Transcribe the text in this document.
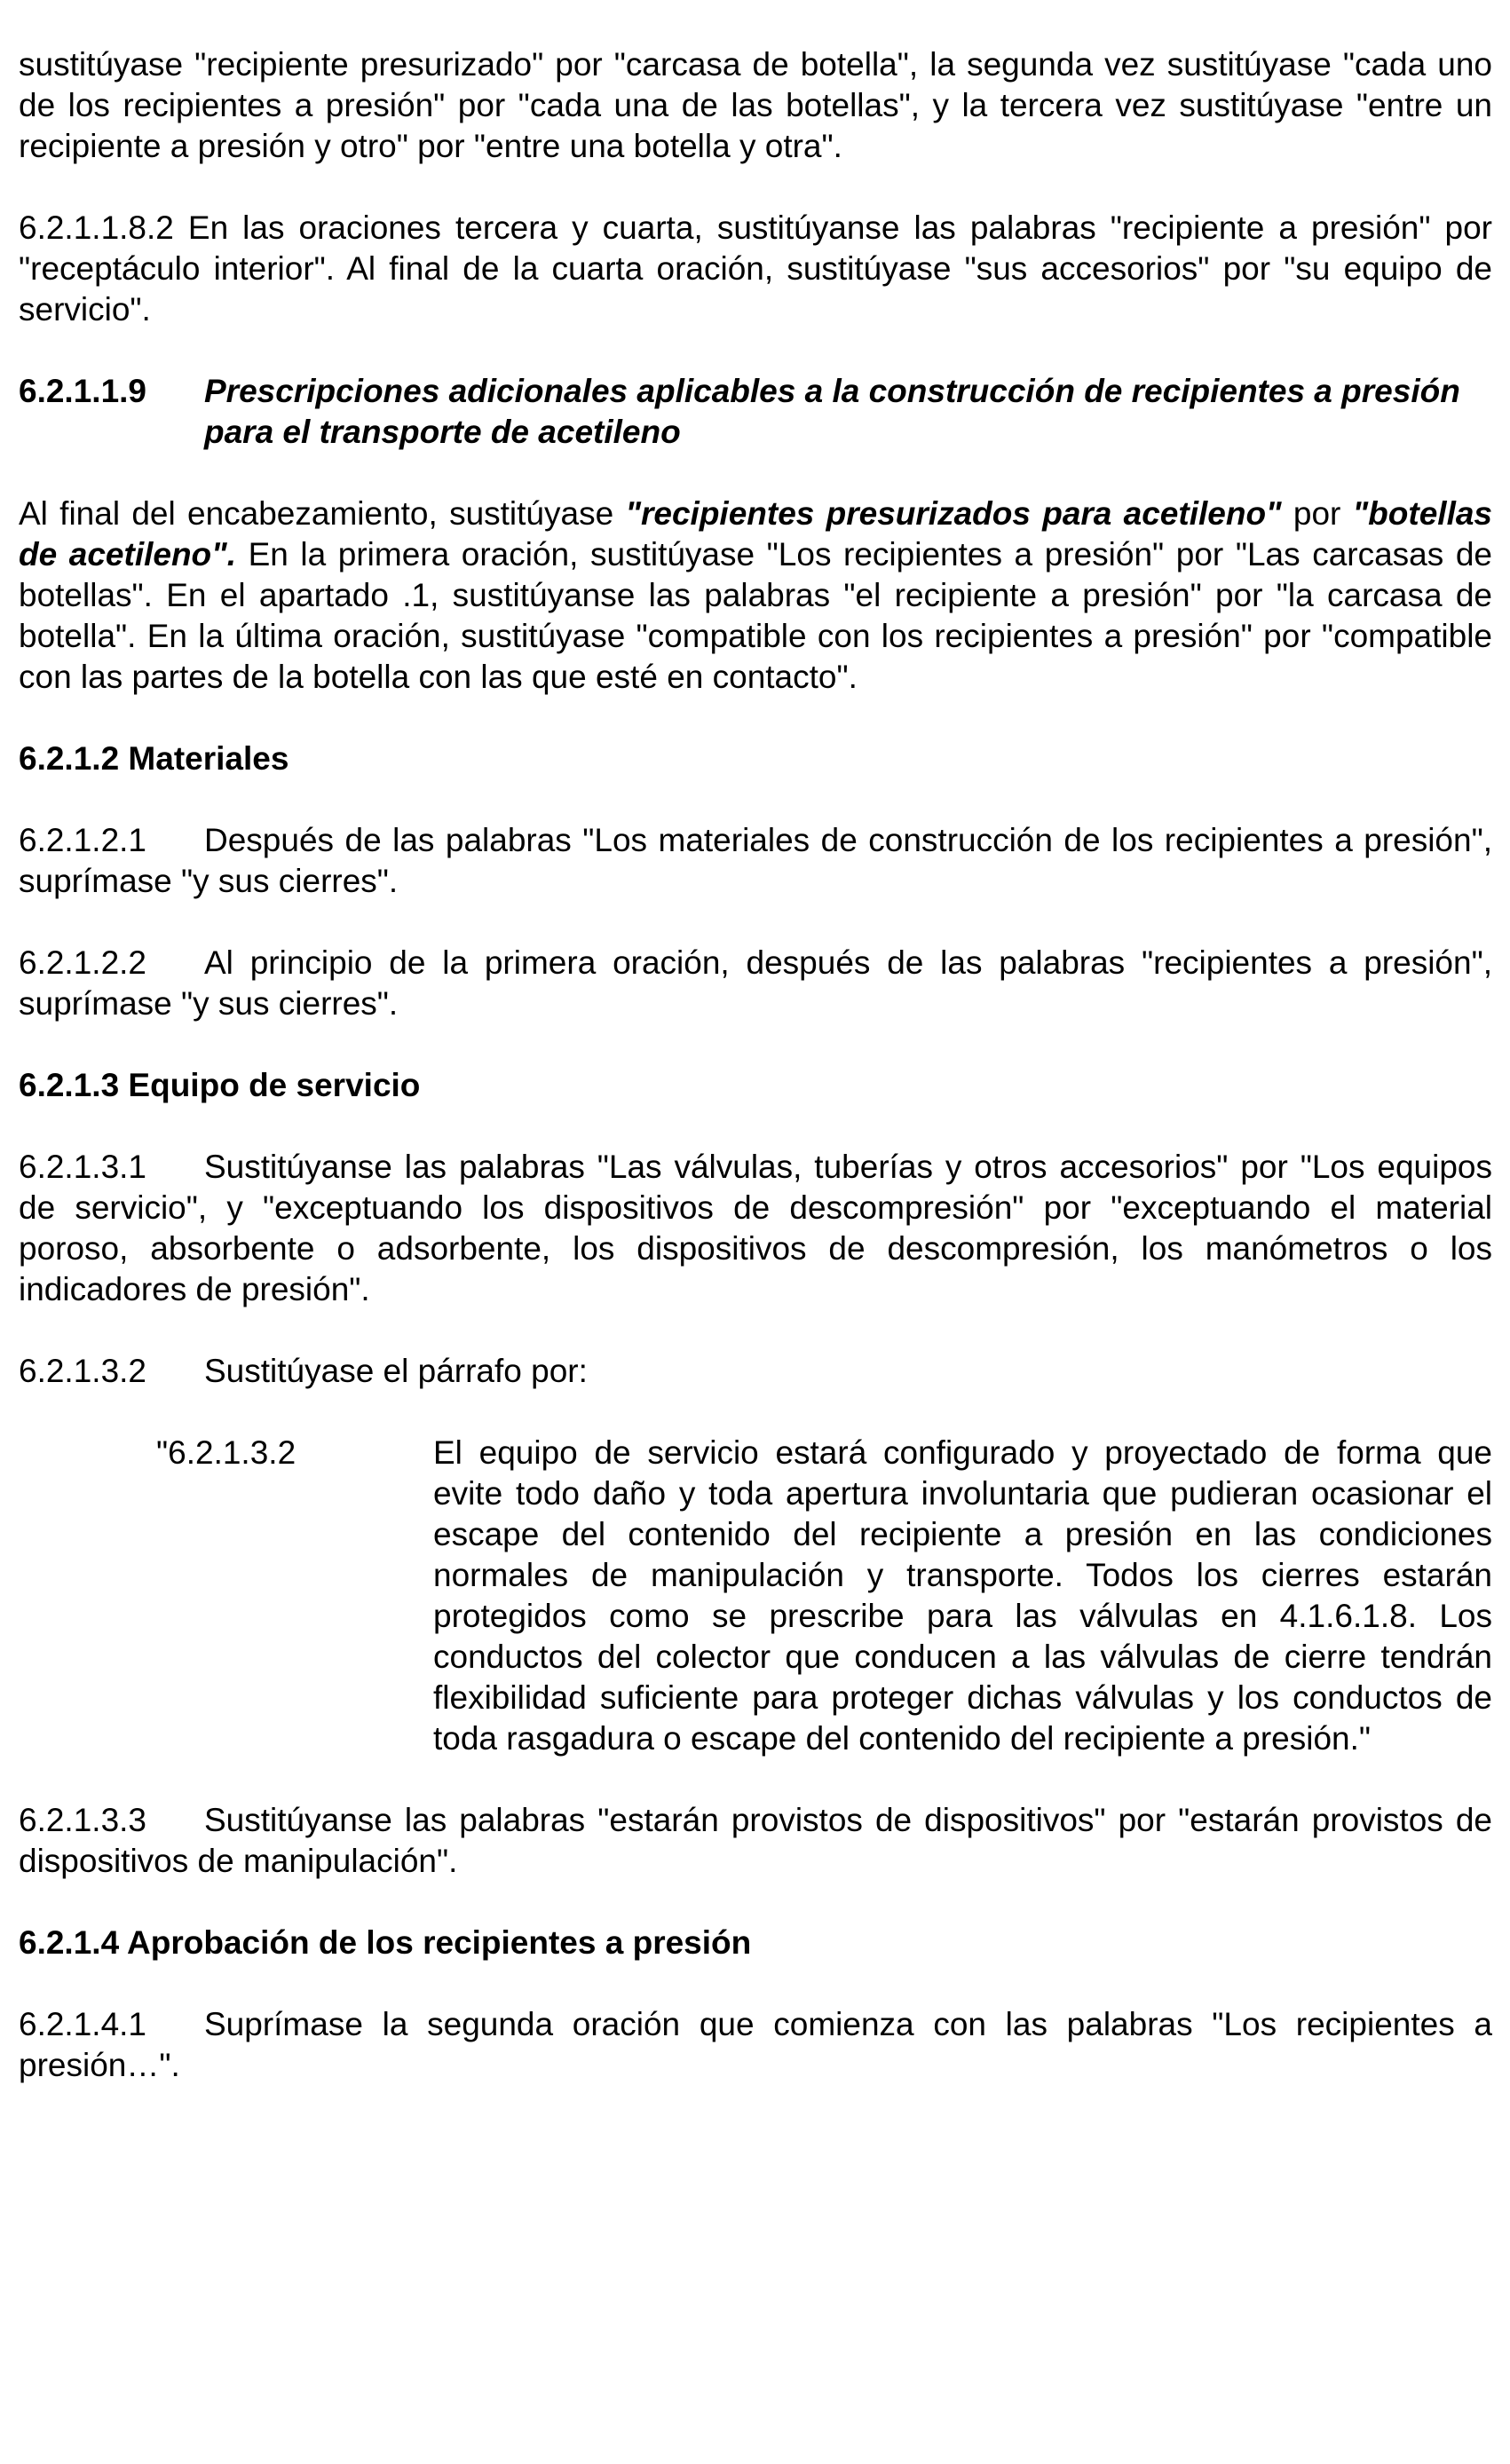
sustitúyase "recipiente presurizado" por "carcasa de botella", la segunda vez sustitúyase "cada uno de los recipientes a presión" por "cada una de las botellas", y la tercera vez sustitúyase "entre un recipiente a presión y otro" por "entre una botella y otra".

6.2.1.1.8.2 En las oraciones tercera y cuarta, sustitúyanse las palabras "recipiente a presión" por "receptáculo interior". Al final de la cuarta oración, sustitúyase "sus accesorios" por "su equipo de servicio".

6.2.1.1.9	Prescripciones adicionales aplicables a la construcción de recipientes a presión para el transporte de acetileno

Al final del encabezamiento, sustitúyase "recipientes presurizados para acetileno" por "botellas de acetileno". En la primera oración, sustitúyase "Los recipientes a presión" por "Las carcasas de botellas". En el apartado .1, sustitúyanse las palabras "el recipiente a presión" por "la carcasa de botella". En la última oración, sustitúyase "compatible con los recipientes a presión" por "compatible con las partes de la botella con las que esté en contacto".

6.2.1.2 Materiales

6.2.1.2.1 Después de las palabras "Los materiales de construcción de los recipientes a presión", suprímase "y sus cierres".

6.2.1.2.2 Al principio de la primera oración, después de las palabras "recipientes a presión", suprímase "y sus cierres".

6.2.1.3 Equipo de servicio

6.2.1.3.1 Sustitúyanse las palabras "Las válvulas, tuberías y otros accesorios" por "Los equipos de servicio", y "exceptuando los dispositivos de descompresión" por "exceptuando el material poroso, absorbente o adsorbente, los dispositivos de descompresión, los manómetros o los indicadores de presión".

6.2.1.3.2 Sustitúyase el párrafo por:

"6.2.1.3.2	El equipo de servicio estará configurado y proyectado de forma que evite todo daño y toda apertura involuntaria que pudieran ocasionar el escape del contenido del recipiente a presión en las condiciones normales de manipulación y transporte. Todos los cierres estarán protegidos como se prescribe para las válvulas en 4.1.6.1.8. Los conductos del colector que conducen a las válvulas de cierre tendrán flexibilidad suficiente para proteger dichas válvulas y los conductos de toda rasgadura o escape del contenido del recipiente a presión."

6.2.1.3.3 Sustitúyanse las palabras "estarán provistos de dispositivos" por "estarán provistos de dispositivos de manipulación".

6.2.1.4 Aprobación de los recipientes a presión

6.2.1.4.1 Suprímase la segunda oración que comienza con las palabras "Los recipientes a presión…".
